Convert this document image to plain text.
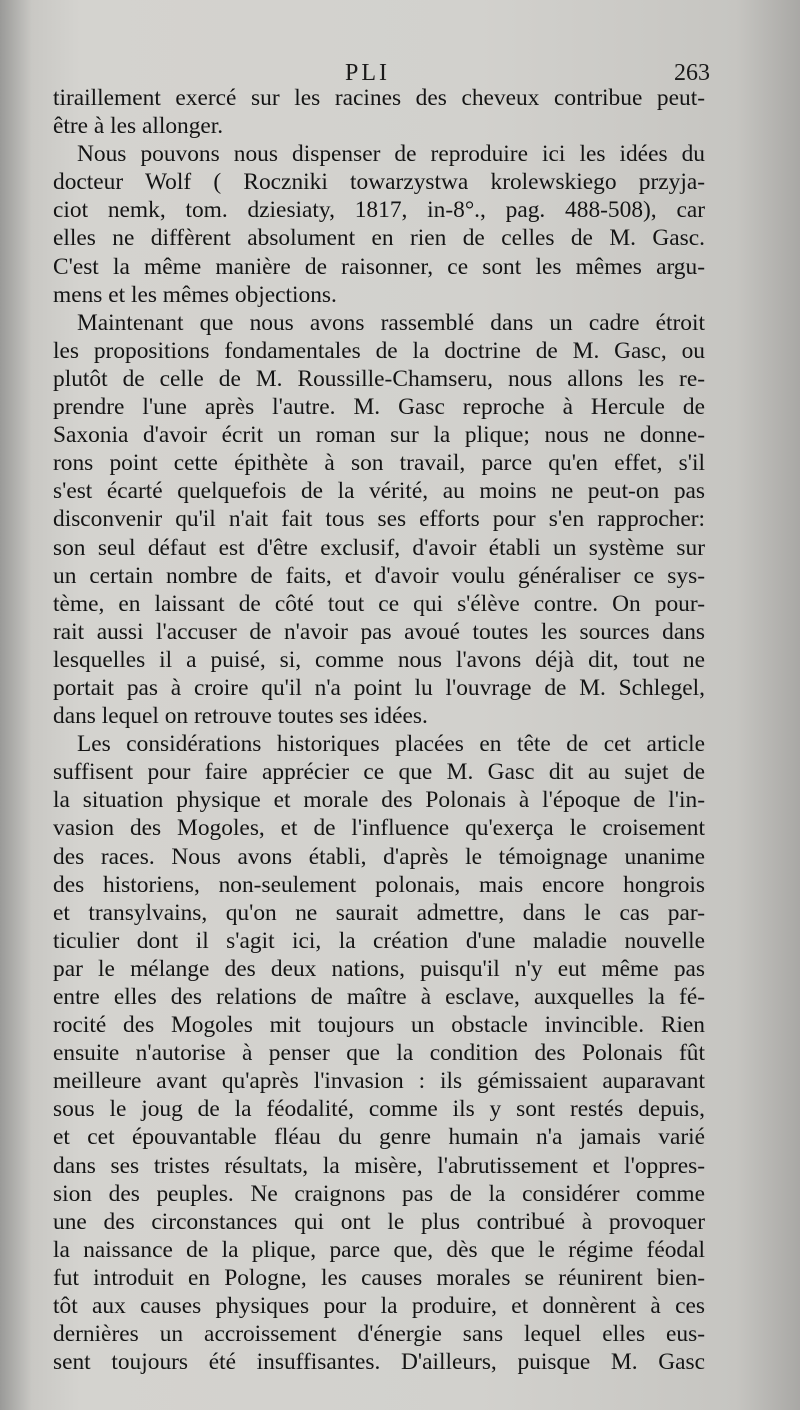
PLI	263
tiraillement exercé sur les racines des cheveux contribue peut-
être à les allonger.
Nous pouvons nous dispenser de reproduire ici les idées du
docteur Wolf ( Roczniki towarzystwa krolewskiego przyja-
ciot nemk, tom. dziesiaty, 1817, in-8°., pag. 488-508), car
elles ne diffèrent absolument en rien de celles de M. Gasc.
C'est la même manière de raisonner, ce sont les mêmes argu-
mens et les mêmes objections.
Maintenant que nous avons rassemblé dans un cadre étroit
les propositions fondamentales de la doctrine de M. Gasc, ou
plutôt de celle de M. Roussille-Chamseru, nous allons les re-
prendre l'une après l'autre. M. Gasc reproche à Hercule de
Saxonia d'avoir écrit un roman sur la plique; nous ne donne-
rons point cette épithète à son travail, parce qu'en effet, s'il
s'est écarté quelquefois de la vérité, au moins ne peut-on pas
disconvenir qu'il n'ait fait tous ses efforts pour s'en rapprocher:
son seul défaut est d'être exclusif, d'avoir établi un système sur
un certain nombre de faits, et d'avoir voulu généraliser ce sys-
tème, en laissant de côté tout ce qui s'élève contre. On pour-
rait aussi l'accuser de n'avoir pas avoué toutes les sources dans
lesquelles il a puisé, si, comme nous l'avons déjà dit, tout ne
portait pas à croire qu'il n'a point lu l'ouvrage de M. Schlegel,
dans lequel on retrouve toutes ses idées.
Les considérations historiques placées en tête de cet article
suffisent pour faire apprécier ce que M. Gasc dit au sujet de
la situation physique et morale des Polonais à l'époque de l'in-
vasion des Mogoles, et de l'influence qu'exerça le croisement
des races. Nous avons établi, d'après le témoignage unanime
des historiens, non-seulement polonais, mais encore hongrois
et transylvains, qu'on ne saurait admettre, dans le cas par-
ticulier dont il s'agit ici, la création d'une maladie nouvelle
par le mélange des deux nations, puisqu'il n'y eut même pas
entre elles des relations de maître à esclave, auxquelles la fé-
rocité des Mogoles mit toujours un obstacle invincible. Rien
ensuite n'autorise à penser que la condition des Polonais fût
meilleure avant qu'après l'invasion : ils gémissaient auparavant
sous le joug de la féodalité, comme ils y sont restés depuis,
et cet épouvantable fléau du genre humain n'a jamais varié
dans ses tristes résultats, la misère, l'abrutissement et l'oppres-
sion des peuples. Ne craignons pas de la considérer comme
une des circonstances qui ont le plus contribué à provoquer
la naissance de la plique, parce que, dès que le régime féodal
fut introduit en Pologne, les causes morales se réunirent bien-
tôt aux causes physiques pour la produire, et donnèrent à ces
dernières un accroissement d'énergie sans lequel elles eus-
sent toujours été insuffisantes. D'ailleurs, puisque M. Gasc
